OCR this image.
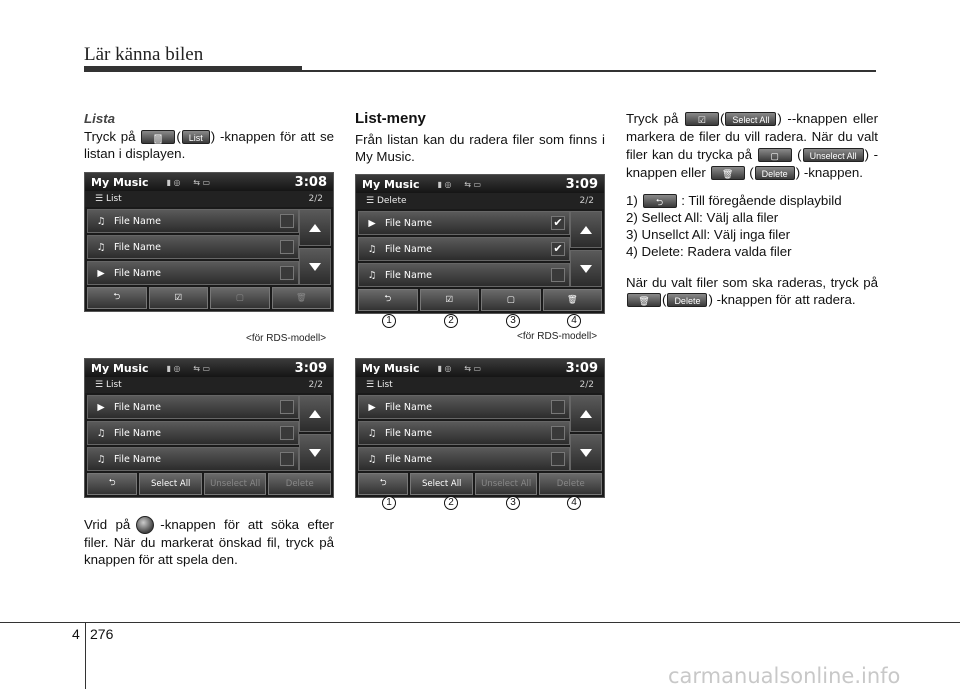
Lär känna bilen
Lista

Tryck på	( List ) -knappen för att se listan i displayen.

My Music ▮ ◎     ⇆ ▭	3:08
☰ List	2/2
♫ File Name
♫ File Name
▶ File Name
⮌	☑	▢	🗑
<för RDS-modell>
My Music ▮ ◎     ⇆ ▭	3:09
☰ List	2/2
▶ File Name
♫ File Name
♫ File Name
⮌	Select All	Unselect All	Delete

Vrid på -knappen för att söka efter filer. När du markerat önskad fil, tryck på knappen för att spela den.

List-meny

Från listan kan du radera filer som finns i My Music.

My Music ▮ ◎     ⇆ ▭	3:09
☰ Delete	2/2
▶ File Name	✔
♫ File Name	✔
♫ File Name
⮌	☑	▢	🗑
1	2	3	4
<för RDS-modell>
My Music ▮ ◎     ⇆ ▭	3:09
☰ List	2/2
▶ File Name
♫ File Name
♫ File Name
⮌	Select All	Unselect All	Delete
1	2	3	4

Tryck på ☑ ( Select All ) --knappen eller markera de filer du vill radera. När du valt filer kan du trycka på ▢ ( Unselect All ) -knappen eller 🗑 ( Delete ) -knappen.

1) ⮌ : Till föregående displaybild

2) Sellect All: Välj alla filer

3) Unsellct All: Välj inga filer

4) Delete: Radera valda filer

När du valt filer som ska raderas, tryck på 🗑 ( Delete ) -knappen för att radera.

4 276
carmanualsonline.info
